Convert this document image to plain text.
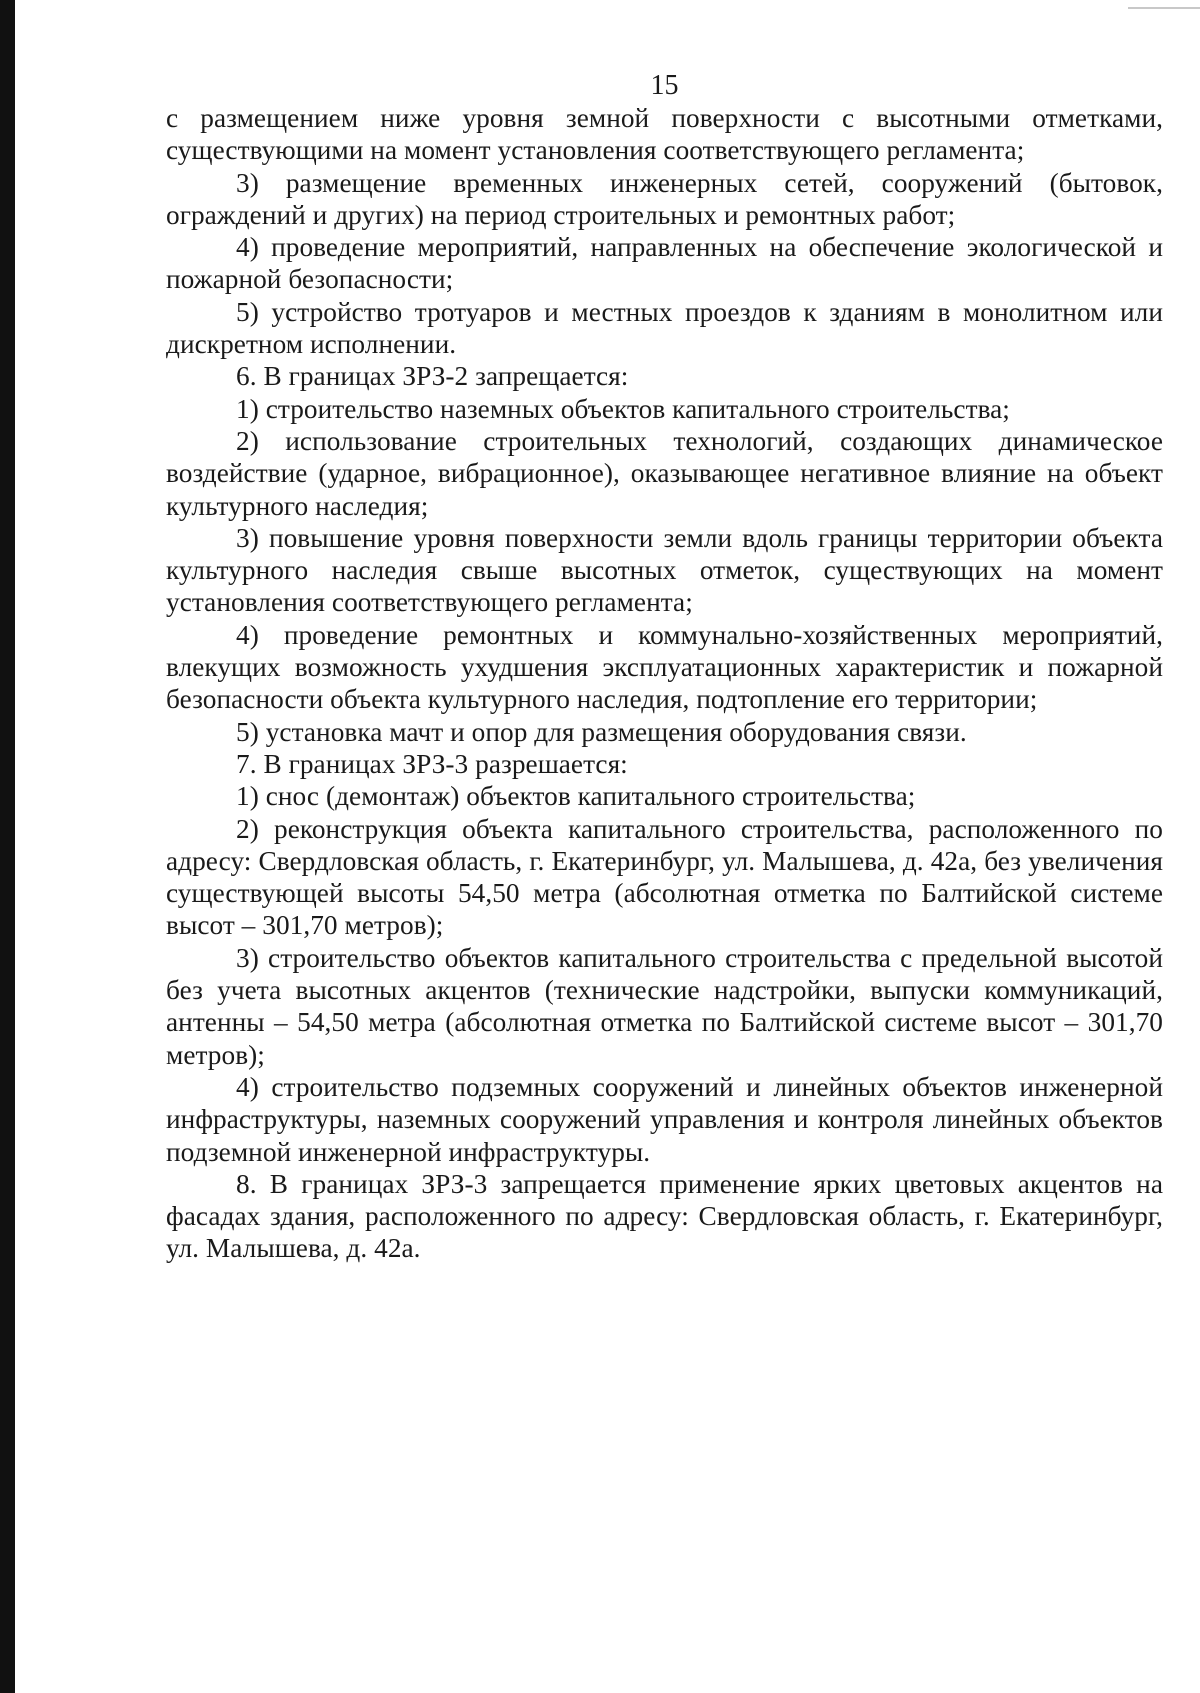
15

с размещением ниже уровня земной поверхности с высотными отметками, существующими на момент установления соответствующего регламента;

3) размещение временных инженерных сетей, сооружений (бытовок, ограждений и других) на период строительных и ремонтных работ;

4) проведение мероприятий, направленных на обеспечение экологической и пожарной безопасности;

5) устройство тротуаров и местных проездов к зданиям в монолитном или дискретном исполнении.

6. В границах ЗРЗ-2 запрещается:

1) строительство наземных объектов капитального строительства;

2) использование строительных технологий, создающих динамическое воздействие (ударное, вибрационное), оказывающее негативное влияние на объект культурного наследия;

3) повышение уровня поверхности земли вдоль границы территории объекта культурного наследия свыше высотных отметок, существующих на момент установления соответствующего регламента;

4) проведение ремонтных и коммунально-хозяйственных мероприятий, влекущих возможность ухудшения эксплуатационных характеристик и пожарной безопасности объекта культурного наследия, подтопление его территории;

5) установка мачт и опор для размещения оборудования связи.

7. В границах ЗРЗ-3 разрешается:

1) снос (демонтаж) объектов капитального строительства;

2) реконструкция объекта капитального строительства, расположенного по адресу: Свердловская область, г. Екатеринбург, ул. Малышева, д. 42а, без увеличения существующей высоты 54,50 метра (абсолютная отметка по Балтийской системе высот – 301,70 метров);

3) строительство объектов капитального строительства с предельной высотой без учета высотных акцентов (технические надстройки, выпуски коммуникаций, антенны – 54,50 метра (абсолютная отметка по Балтийской системе высот – 301,70 метров);

4) строительство подземных сооружений и линейных объектов инженерной инфраструктуры, наземных сооружений управления и контроля линейных объектов подземной инженерной инфраструктуры.

8. В границах ЗРЗ-3 запрещается применение ярких цветовых акцентов на фасадах здания, расположенного по адресу: Свердловская область, г. Екатеринбург, ул. Малышева, д. 42а.
